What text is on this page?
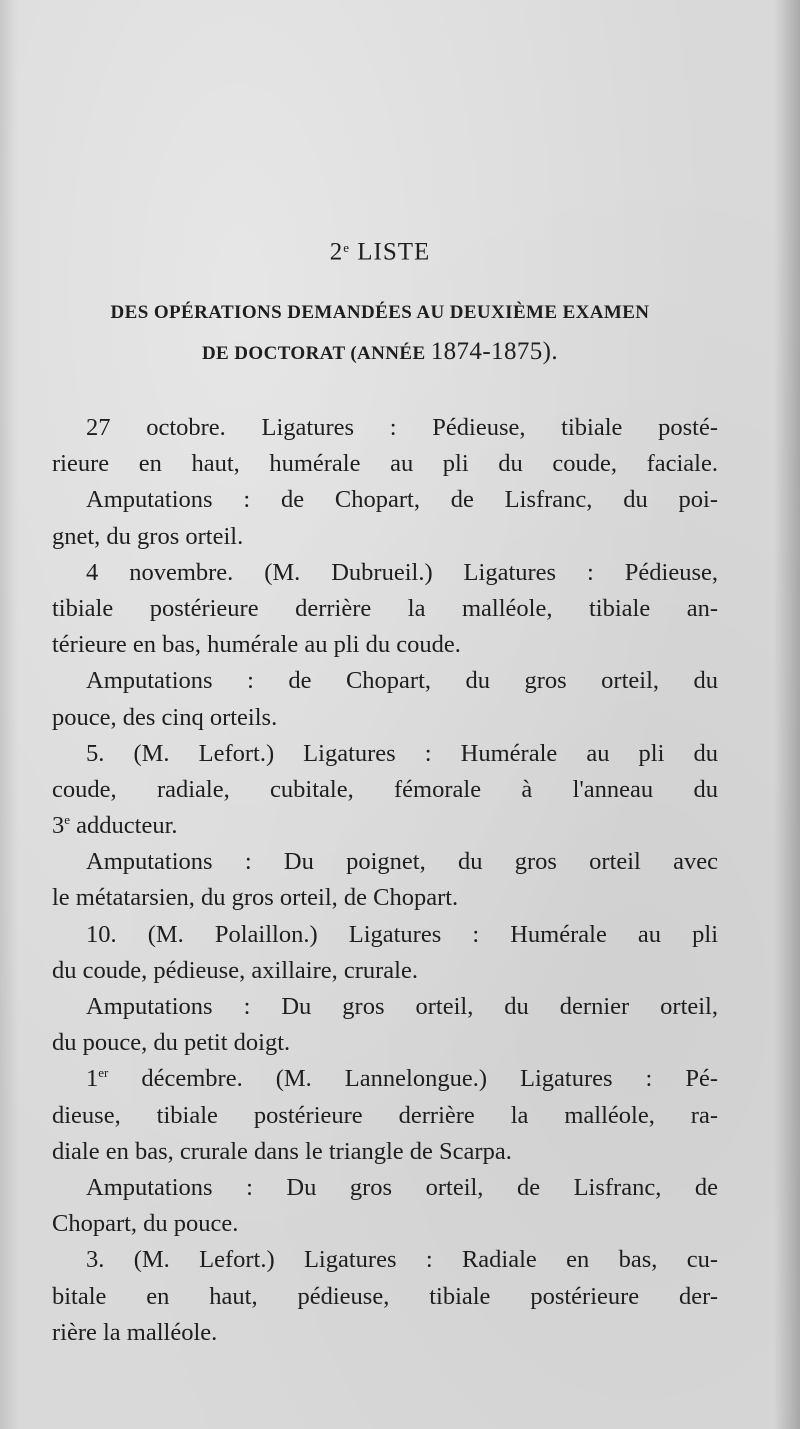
2e LISTE
DES OPÉRATIONS DEMANDÉES AU DEUXIÈME EXAMEN
DE DOCTORAT (ANNÉE 1874-1875).
27 octobre. Ligatures : Pédieuse, tibiale posté-
rieure en haut, humérale au pli du coude, faciale.
Amputations : de Chopart, de Lisfranc, du poi-
gnet, du gros orteil.
4 novembre. (M. Dubrueil.) Ligatures : Pédieuse,
tibiale postérieure derrière la malléole, tibiale an-
térieure en bas, humérale au pli du coude.
Amputations : de Chopart, du gros orteil, du
pouce, des cinq orteils.
5. (M. Lefort.) Ligatures : Humérale au pli du
coude, radiale, cubitale, fémorale à l'anneau du
3e adducteur.
Amputations : Du poignet, du gros orteil avec
le métatarsien, du gros orteil, de Chopart.
10. (M. Polaillon.) Ligatures : Humérale au pli
du coude, pédieuse, axillaire, crurale.
Amputations : Du gros orteil, du dernier orteil,
du pouce, du petit doigt.
1er décembre. (M. Lannelongue.) Ligatures : Pé-
dieuse, tibiale postérieure derrière la malléole, ra-
diale en bas, crurale dans le triangle de Scarpa.
Amputations : Du gros orteil, de Lisfranc, de
Chopart, du pouce.
3. (M. Lefort.) Ligatures : Radiale en bas, cu-
bitale en haut, pédieuse, tibiale postérieure der-
rière la malléole.
